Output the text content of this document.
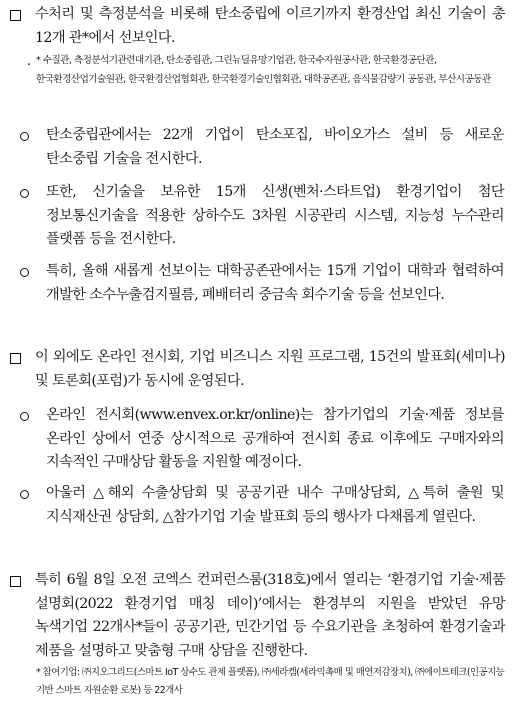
수처리 및 측정분석을 비롯해 탄소중립에 이르기까지 환경산업 최신 기술이 총 12개 관*에서 선보인다.
· * 수질관, 측정분석기관련대기관, 탄소중립관, 그린뉴딜유망기업관, 한국수자원공사관, 한국환경공단관, 한국환경산업기술원관, 한국환경산업협회관, 한국환경기술인협회관, 대학공존관, 음식물감량기 공동관, 부산시공동관
탄소중립관에서는 22개 기업이 탄소포집, 바이오가스 설비 등 새로운 탄소중립 기술을 전시한다.
또한, 신기술을 보유한 15개 신생(벤처·스타트업) 환경기업이 첨단 정보통신기술을 적용한 상하수도 3차원 시공관리 시스템, 지능성 누수관리 플랫폼 등을 전시한다.
특히, 올해 새롭게 선보이는 대학공존관에서는 15개 기업이 대학과 협력하여 개발한 소수누출검지필름, 폐배터리 중금속 회수기술 등을 선보인다.
이 외에도 온라인 전시회, 기업 비즈니스 지원 프로그램, 15건의 발표회(세미나) 및 토론회(포럼)가 동시에 운영된다.
온라인 전시회(www.envex.or.kr/online)는 참가기업의 기술·제품 정보를 온라인 상에서 연중 상시적으로 공개하여 전시회 종료 이후에도 구매자와의 지속적인 구매상담 활동을 지원할 예정이다.
아울러 △해외 수출상담회 및 공공기관 내수 구매상담회, △특허 출원 및 지식재산권 상담회, △참가기업 기술 발표회 등의 행사가 다채롭게 열린다.
특히 6월 8일 오전 코엑스 컨퍼런스룸(318호)에서 열리는 ‘환경기업 기술·제품 설명회(2022 환경기업 매칭 데이)’에서는 환경부의 지원을 받았던 유망 녹색기업 22개사*들이 공공기관, 민간기업 등 수요기관을 초청하여 환경기술과 제품을 설명하고 맞춤형 구매 상담을 진행한다.
* 참여기업: ㈜지오그리드(스마트 IoT 상수도 관제 플랫폼), ㈜세라켐(세라믹촉매 및 매연저감장치), ㈜에이트테크(인공지능 기반 스마트 자원순환 로봇) 등 22개사
